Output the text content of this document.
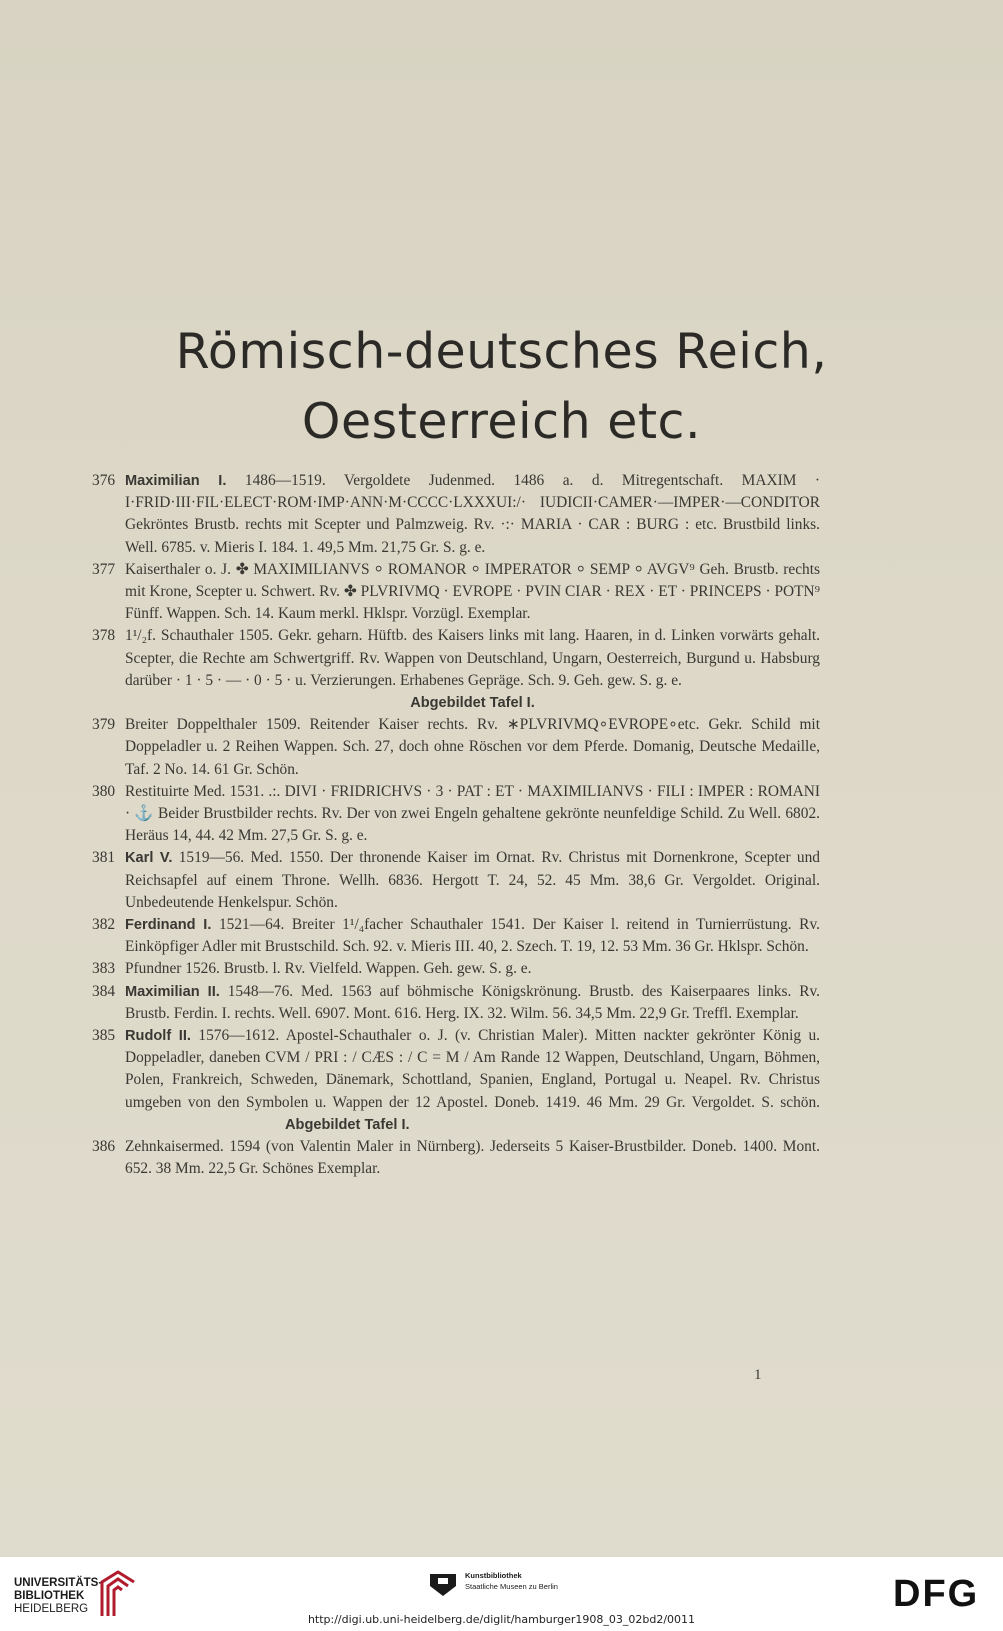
Römisch-deutsches Reich,
Oesterreich etc.
376 Maximilian I. 1486—1519. Vergoldete Judenmed. 1486 a. d. Mitregentschaft. MAXIM · I·FRID·III·FIL·ELECT·ROM·IMP·ANN·M·CCCC·LXXXUI:/· IUDICII·CAMER·—IMPER·—CONDITOR Gekröntes Brustb. rechts mit Scepter und Palmzweig. Rv. ·:· MARIA · CAR : BURG : etc. Brustbild links. Well. 6785. v. Mieris I. 184. 1. 49,5 Mm. 21,75 Gr. S. g. e.
377 Kaiserthaler o. J. ✤ MAXIMILIANVS ⸰ ROMANOR ⸰ IMPERATOR ⸰ SEMP ⸰ AVGV⁹ Geh. Brustb. rechts mit Krone, Scepter u. Schwert. Rv. ✤ PLVRIVMQ · EVROPE · PVIN CIAR · REX · ET · PRINCEPS · POTN⁹ Fünff. Wappen. Sch. 14. Kaum merkl. Hklspr. Vorzügl. Exemplar.
378 1¹/₂f. Schauthaler 1505. Gekr. geharn. Hüftb. des Kaisers links mit lang. Haaren, in d. Linken vorwärts gehalt. Scepter, die Rechte am Schwertgriff. Rv. Wappen von Deutschland, Ungarn, Oesterreich, Burgund u. Habsburg darüber · 1 · 5 · — · 0 · 5 · u. Verzierungen. Erhabenes Gepräge. Sch. 9. Geh. gew. S. g. e.
Abgebildet Tafel I.
379 Breiter Doppelthaler 1509. Reitender Kaiser rechts. Rv. ∗PLVRIVMQ∘EVROPE∘etc. Gekr. Schild mit Doppeladler u. 2 Reihen Wappen. Sch. 27, doch ohne Röschen vor dem Pferde. Domanig, Deutsche Medaille, Taf. 2 No. 14. 61 Gr. Schön.
380 Restituirte Med. 1531. .:. DIVI · FRIDRICHVS · 3 · PAT : ET · MAXIMILIANVS · FILI : IMPER : ROMANI · ⚓ Beider Brustbilder rechts. Rv. Der von zwei Engeln gehaltene gekrönte neunfeldige Schild. Zu Well. 6802. Heräus 14, 44. 42 Mm. 27,5 Gr. S. g. e.
381 Karl V. 1519—56. Med. 1550. Der thronende Kaiser im Ornat. Rv. Christus mit Dornenkrone, Scepter und Reichsapfel auf einem Throne. Wellh. 6836. Hergott T. 24, 52. 45 Mm. 38,6 Gr. Vergoldet. Original. Unbedeutende Henkelspur. Schön.
382 Ferdinand I. 1521—64. Breiter 1¹/₄facher Schauthaler 1541. Der Kaiser l. reitend in Turnierrüstung. Rv. Einköpfiger Adler mit Brustschild. Sch. 92. v. Mieris III. 40, 2. Szech. T. 19, 12. 53 Mm. 36 Gr. Hklspr. Schön.
383 Pfundner 1526. Brustb. l. Rv. Vielfeld. Wappen. Geh. gew. S. g. e.
384 Maximilian II. 1548—76. Med. 1563 auf böhmische Königskrönung. Brustb. des Kaiserpaares links. Rv. Brustb. Ferdin. I. rechts. Well. 6907. Mont. 616. Herg. IX. 32. Wilm. 56. 34,5 Mm. 22,9 Gr. Treffl. Exemplar.
385 Rudolf II. 1576—1612. Apostel-Schauthaler o. J. (v. Christian Maler). Mitten nackter gekrönter König u. Doppeladler, daneben CVM / PRI : / CÆS : / C = M / Am Rande 12 Wappen, Deutschland, Ungarn, Böhmen, Polen, Frankreich, Schweden, Dänemark, Schottland, Spanien, England, Portugal u. Neapel. Rv. Christus umgeben von den Symbolen u. Wappen der 12 Apostel. Doneb. 1419. 46 Mm. 29 Gr. Vergoldet. S. schön. Abgebildet Tafel I.
386 Zehnkaisermed. 1594 (von Valentin Maler in Nürnberg). Jederseits 5 Kaiser-Brustbilder. Doneb. 1400. Mont. 652. 38 Mm. 22,5 Gr. Schönes Exemplar.
1
UNIVERSITÄTS-
BIBLIOTHEK
HEIDELBERG
Kunstbibliothek
Staatliche Museen zu Berlin	DFG
http://digi.ub.uni-heidelberg.de/diglit/hamburger1908_03_02bd2/0011
